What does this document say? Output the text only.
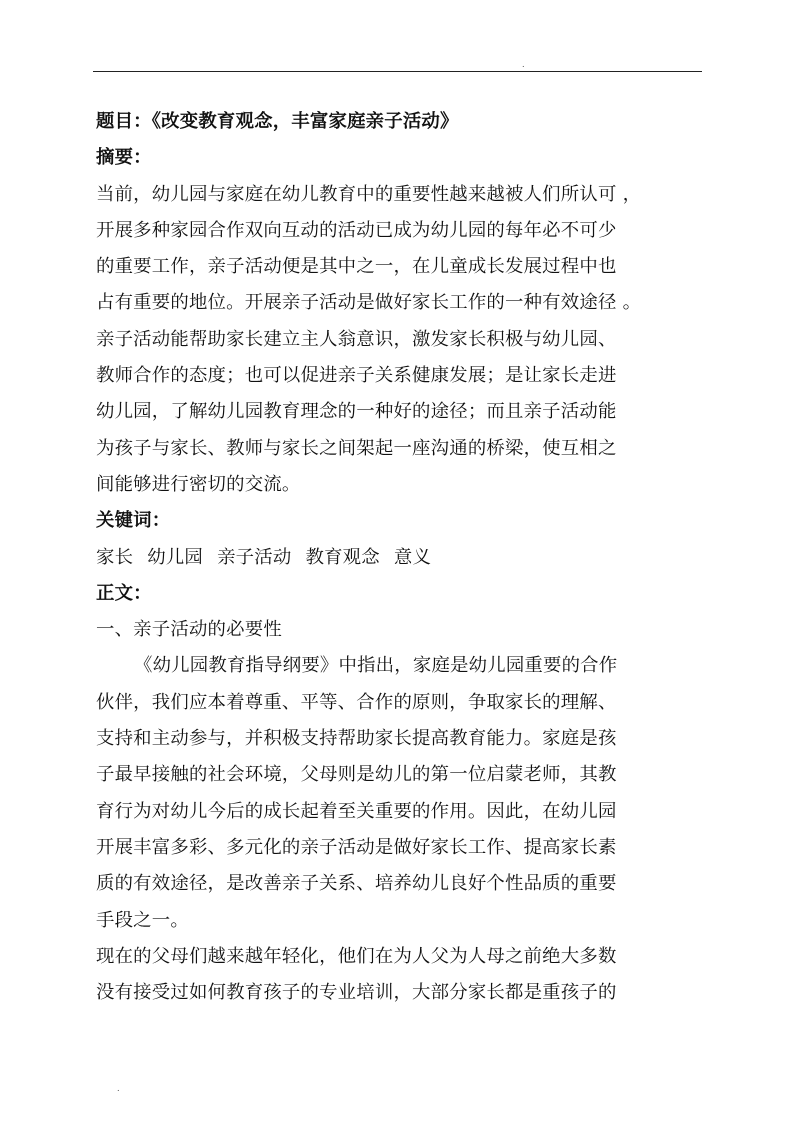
.
题目：《改变教育观念，丰富家庭亲子活动》
摘要：
当前，幼儿园与家庭在幼儿教育中的重要性越来越被人们所认可 ，
开展多种家园合作双向互动的活动已成为幼儿园的每年必不可少
的重要工作，亲子活动便是其中之一，在儿童成长发展过程中也
占有重要的地位。开展亲子活动是做好家长工作的一种有效途径 。
亲子活动能帮助家长建立主人翁意识，激发家长积极与幼儿园、
教师合作的态度；也可以促进亲子关系健康发展；是让家长走进
幼儿园，了解幼儿园教育理念的一种好的途径；而且亲子活动能
为孩子与家长、教师与家长之间架起一座沟通的桥梁，使互相之
间能够进行密切的交流。
关键词：
家长 幼儿园 亲子活动 教育观念 意义
正文：
一、亲子活动的必要性
《幼儿园教育指导纲要》中指出，家庭是幼儿园重要的合作
伙伴，我们应本着尊重、平等、合作的原则，争取家长的理解、
支持和主动参与，并积极支持帮助家长提高教育能力。家庭是孩
子最早接触的社会环境，父母则是幼儿的第一位启蒙老师，其教
育行为对幼儿今后的成长起着至关重要的作用。因此，在幼儿园
开展丰富多彩、多元化的亲子活动是做好家长工作、提高家长素
质的有效途径，是改善亲子关系、培养幼儿良好个性品质的重要
手段之一。
现在的父母们越来越年轻化，他们在为人父为人母之前绝大多数
没有接受过如何教育孩子的专业培训，大部分家长都是重孩子的
.
